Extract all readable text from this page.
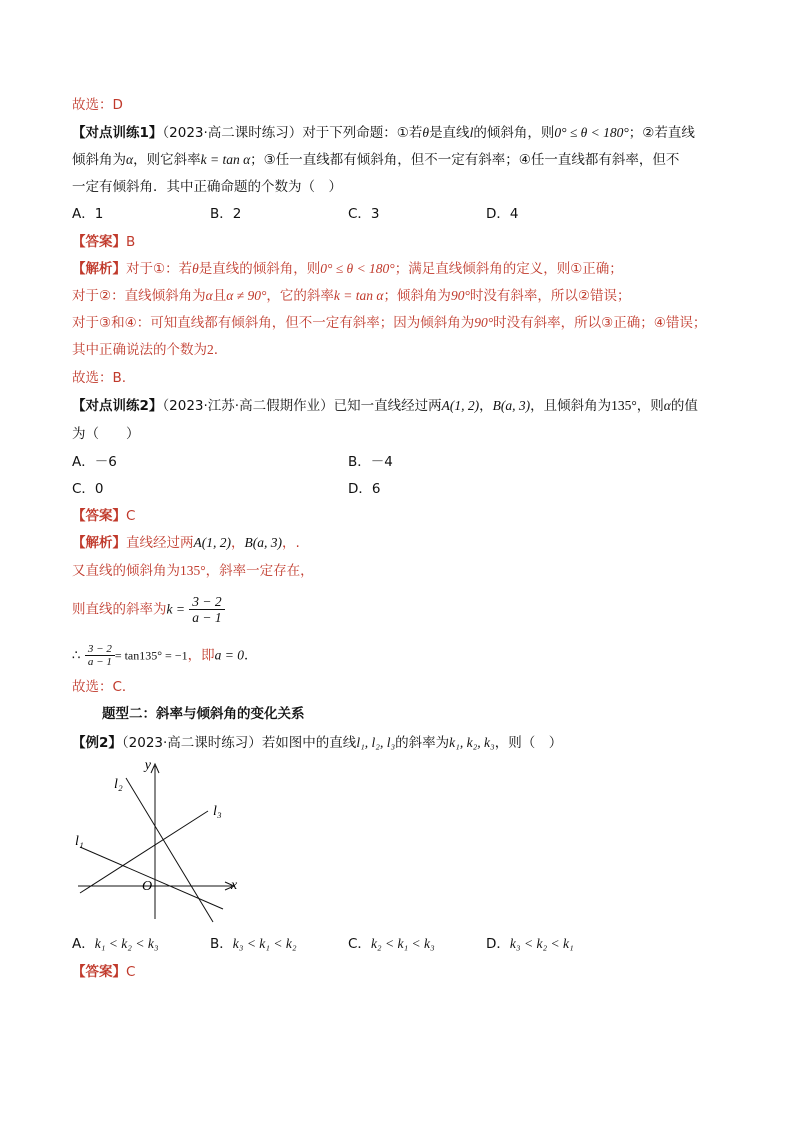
故选：D
【对点训练1】（2023·高二课时练习）对于下列命题：①若θ是直线l的倾斜角，则0° ≤ θ < 180°；②若直线
倾斜角为α，则它斜率k = tan α；③任一直线都有倾斜角，但不一定有斜率；④任一直线都有斜率，但不
一定有倾斜角．其中正确命题的个数为（　）
A．1	B．2	C．3	D．4
【答案】B
【解析】对于①：若θ是直线的倾斜角，则0° ≤ θ < 180°；满足直线倾斜角的定义，则①正确；
对于②：直线倾斜角为α且α ≠ 90°，它的斜率k = tan α；倾斜角为90°时没有斜率，所以②错误；
对于③和④：可知直线都有倾斜角，但不一定有斜率；因为倾斜角为90°时没有斜率，所以③正确；④错误；
其中正确说法的个数为2.
故选：B.
【对点训练2】（2023·江苏·高二假期作业）已知一直线经过两A(1, 2)，B(a, 3)，且倾斜角为135°，则α的值
为（　　）
A．－6	B．－4
C．0	D．6
【答案】C
【解析】直线经过两A(1, 2)，B(a, 3)，.
又直线的倾斜角为135°，斜率一定存在，
则直线的斜率为$k = \frac{3 - 2}{a - 1}$
∴ $\frac{3 - 2}{a - 1} = \tan 135^\circ = -1$，即a = 0．
故选：C．
题型二：斜率与倾斜角的变化关系
【例2】（2023·高二课时练习）若如图中的直线l₁, l₂, l₃的斜率为k₁, k₂, k₃，则（　）
y
x
O
l₂
l₃
l₁
A．k₁ < k₂ < k₃	B．k₃ < k₁ < k₂	C．k₂ < k₁ < k₃	D．k₃ < k₂ < k₁
【答案】C
